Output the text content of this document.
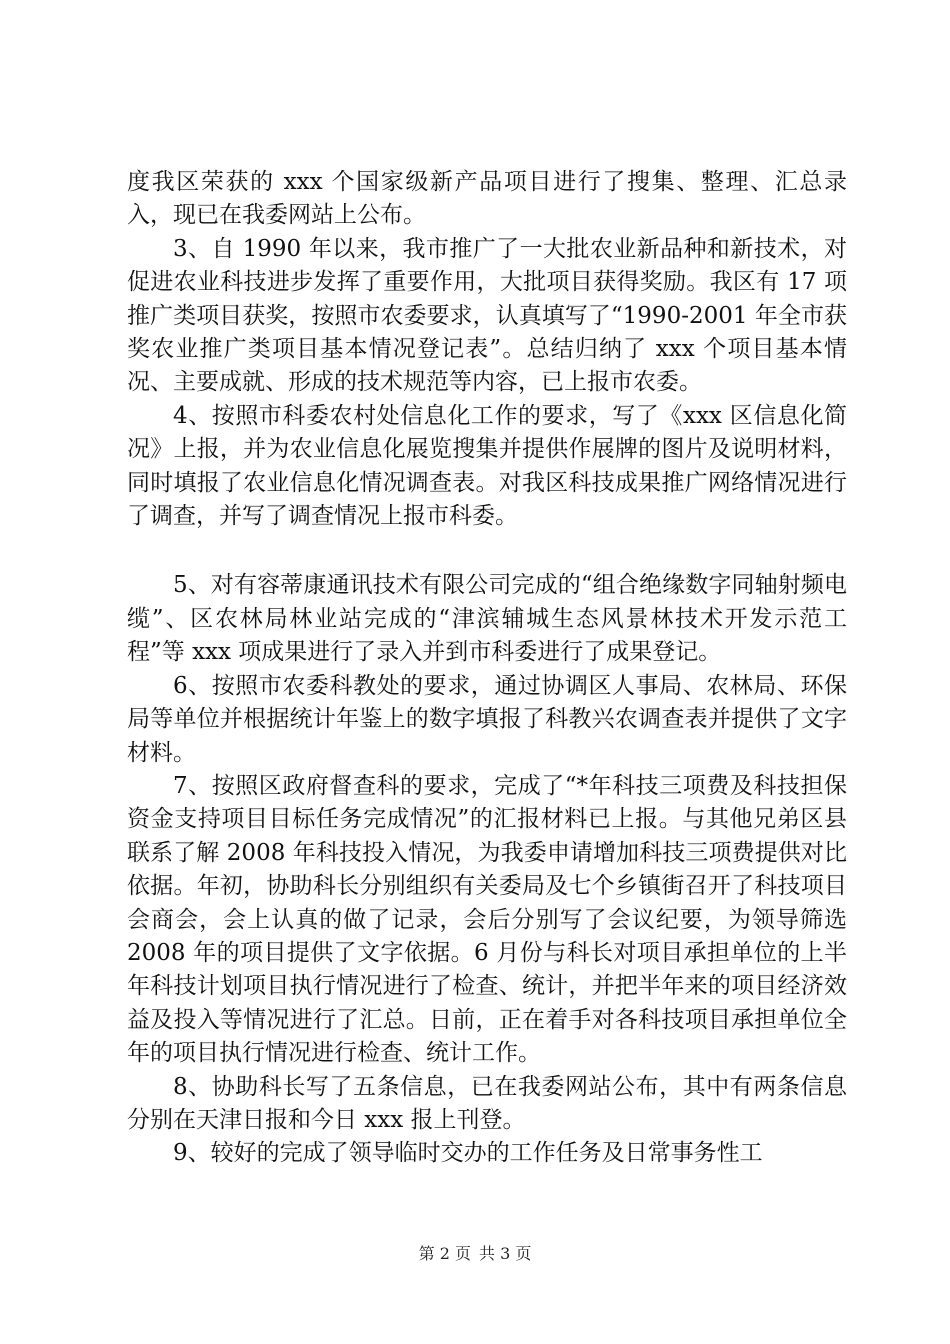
度我区荣获的 xxx 个国家级新产品项目进行了搜集、整理、汇总录入，现已在我委网站上公布。

3、自 1990 年以来，我市推广了一大批农业新品种和新技术，对促进农业科技进步发挥了重要作用，大批项目获得奖励。我区有 17 项推广类项目获奖，按照市农委要求，认真填写了“1990-2001 年全市获奖农业推广类项目基本情况登记表”。总结归纳了 xxx 个项目基本情况、主要成就、形成的技术规范等内容，已上报市农委。

4、按照市科委农村处信息化工作的要求，写了《xxx 区信息化简况》上报，并为农业信息化展览搜集并提供作展牌的图片及说明材料，同时填报了农业信息化情况调查表。对我区科技成果推广网络情况进行了调查，并写了调查情况上报市科委。

5、对有容蒂康通讯技术有限公司完成的“组合绝缘数字同轴射频电缆”、区农林局林业站完成的“津滨辅城生态风景林技术开发示范工程”等 xxx 项成果进行了录入并到市科委进行了成果登记。

6、按照市农委科教处的要求，通过协调区人事局、农林局、环保局等单位并根据统计年鉴上的数字填报了科教兴农调查表并提供了文字材料。

7、按照区政府督查科的要求，完成了“*年科技三项费及科技担保资金支持项目目标任务完成情况”的汇报材料已上报。与其他兄弟区县联系了解 2008 年科技投入情况，为我委申请增加科技三项费提供对比依据。年初，协助科长分别组织有关委局及七个乡镇街召开了科技项目会商会，会上认真的做了记录，会后分别写了会议纪要，为领导筛选 2008 年的项目提供了文字依据。6 月份与科长对项目承担单位的上半年科技计划项目执行情况进行了检查、统计，并把半年来的项目经济效益及投入等情况进行了汇总。日前，正在着手对各科技项目承担单位全年的项目执行情况进行检查、统计工作。

8、协助科长写了五条信息，已在我委网站公布，其中有两条信息分别在天津日报和今日 xxx 报上刊登。

9、较好的完成了领导临时交办的工作任务及日常事务性工

第 2 页 共 3 页
